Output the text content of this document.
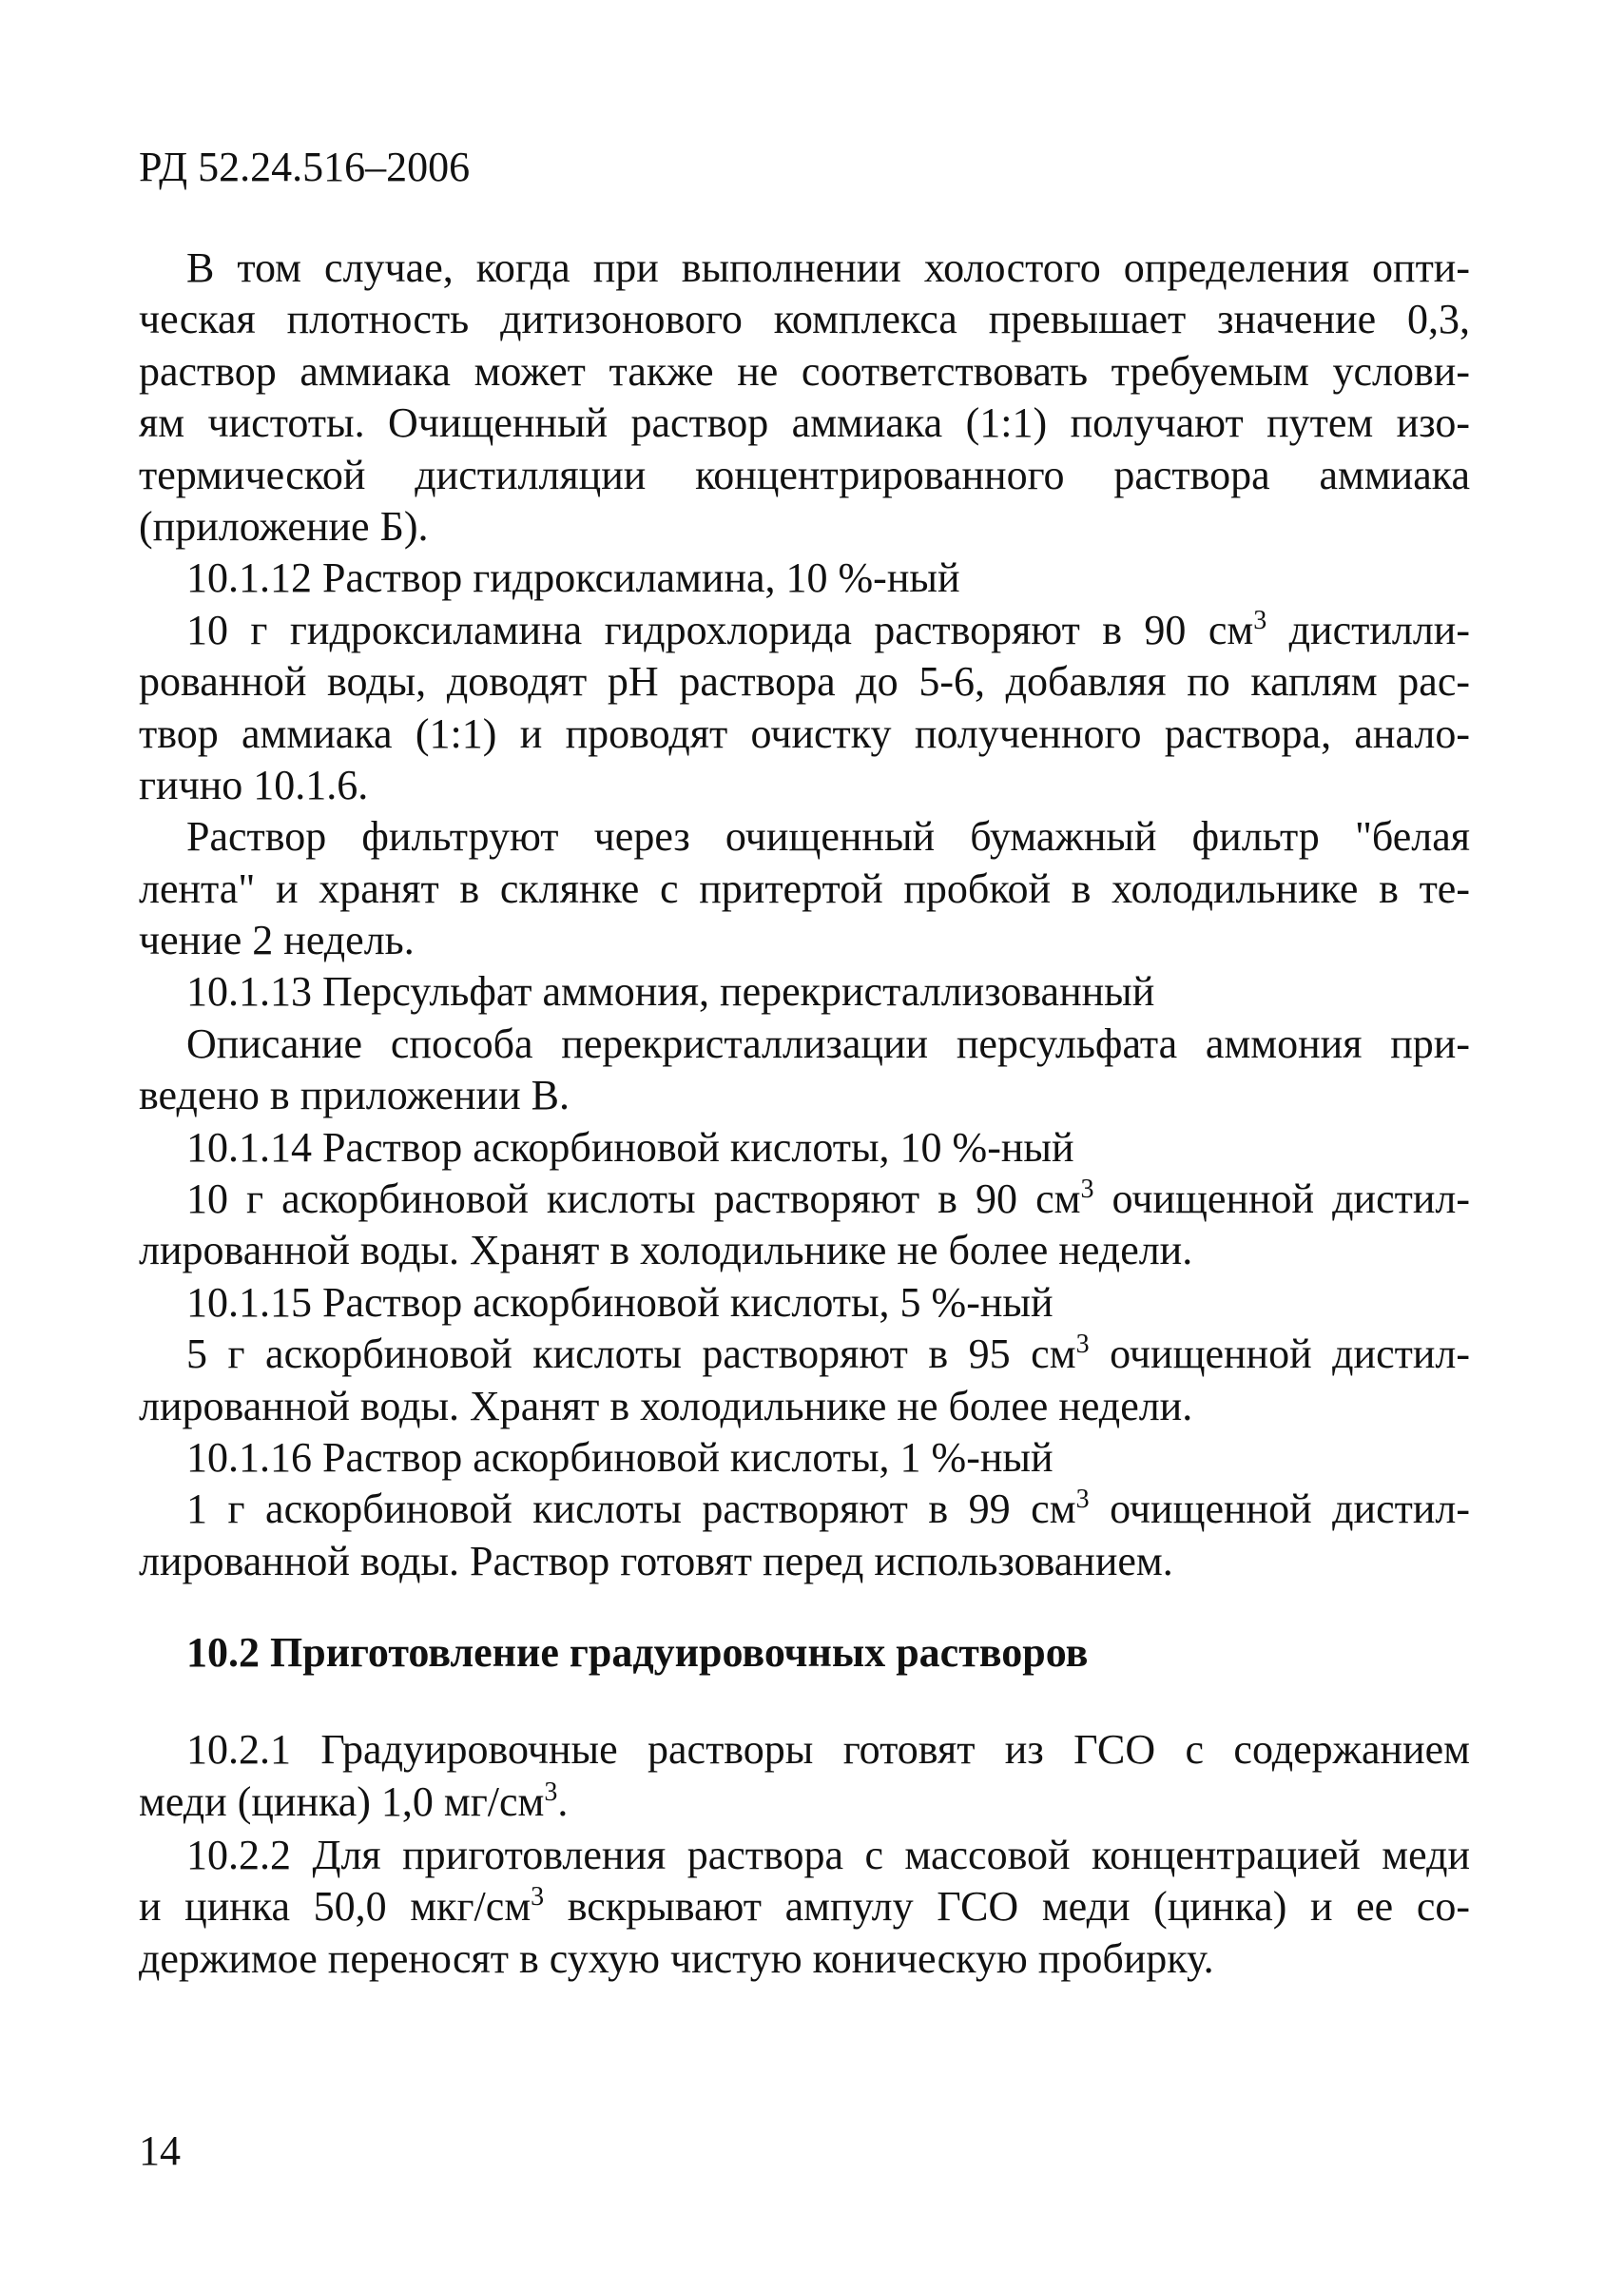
РД 52.24.516–2006
В том случае, когда при выполнении холостого определения опти-
ческая плотность дитизонового комплекса превышает значение 0,3,
раствор аммиака может также не соответствовать требуемым услови-
ям чистоты. Очищенный раствор аммиака (1:1) получают путем изо-
термической дистилляции концентрированного раствора аммиака
(приложение Б).
10.1.12 Раствор гидроксиламина, 10 %-ный
10 г гидроксиламина гидрохлорида растворяют в 90 $см^3$ дистилли-
рованной воды, доводят рН раствора до 5-6, добавляя по каплям рас-
твор аммиака (1:1) и проводят очистку полученного раствора, анало-
гично 10.1.6.
Раствор фильтруют через очищенный бумажный фильтр "белая
лента" и хранят в склянке с притертой пробкой в холодильнике в те-
чение 2 недель.
10.1.13 Персульфат аммония, перекристаллизованный
Описание способа перекристаллизации персульфата аммония при-
ведено в приложении В.
10.1.14 Раствор аскорбиновой кислоты, 10 %-ный
10 г аскорбиновой кислоты растворяют в 90 $см^3$ очищенной дистил-
лированной воды. Хранят в холодильнике не более недели.
10.1.15 Раствор аскорбиновой кислоты, 5 %-ный
5 г аскорбиновой кислоты растворяют в 95 $см^3$ очищенной дистил-
лированной воды. Хранят в холодильнике не более недели.
10.1.16 Раствор аскорбиновой кислоты, 1 %-ный
1 г аскорбиновой кислоты растворяют в 99 $см^3$ очищенной дистил-
лированной воды. Раствор готовят перед использованием.
10.2 Приготовление градуировочных растворов
10.2.1 Градуировочные растворы готовят из ГСО с содержанием
меди (цинка) 1,0 $мг/см^3$.
10.2.2 Для приготовления раствора с массовой концентрацией меди
и цинка 50,0 мкг/$см^3$ вскрывают ампулу ГСО меди (цинка) и ее со-
держимое переносят в сухую чистую коническую пробирку.
14
